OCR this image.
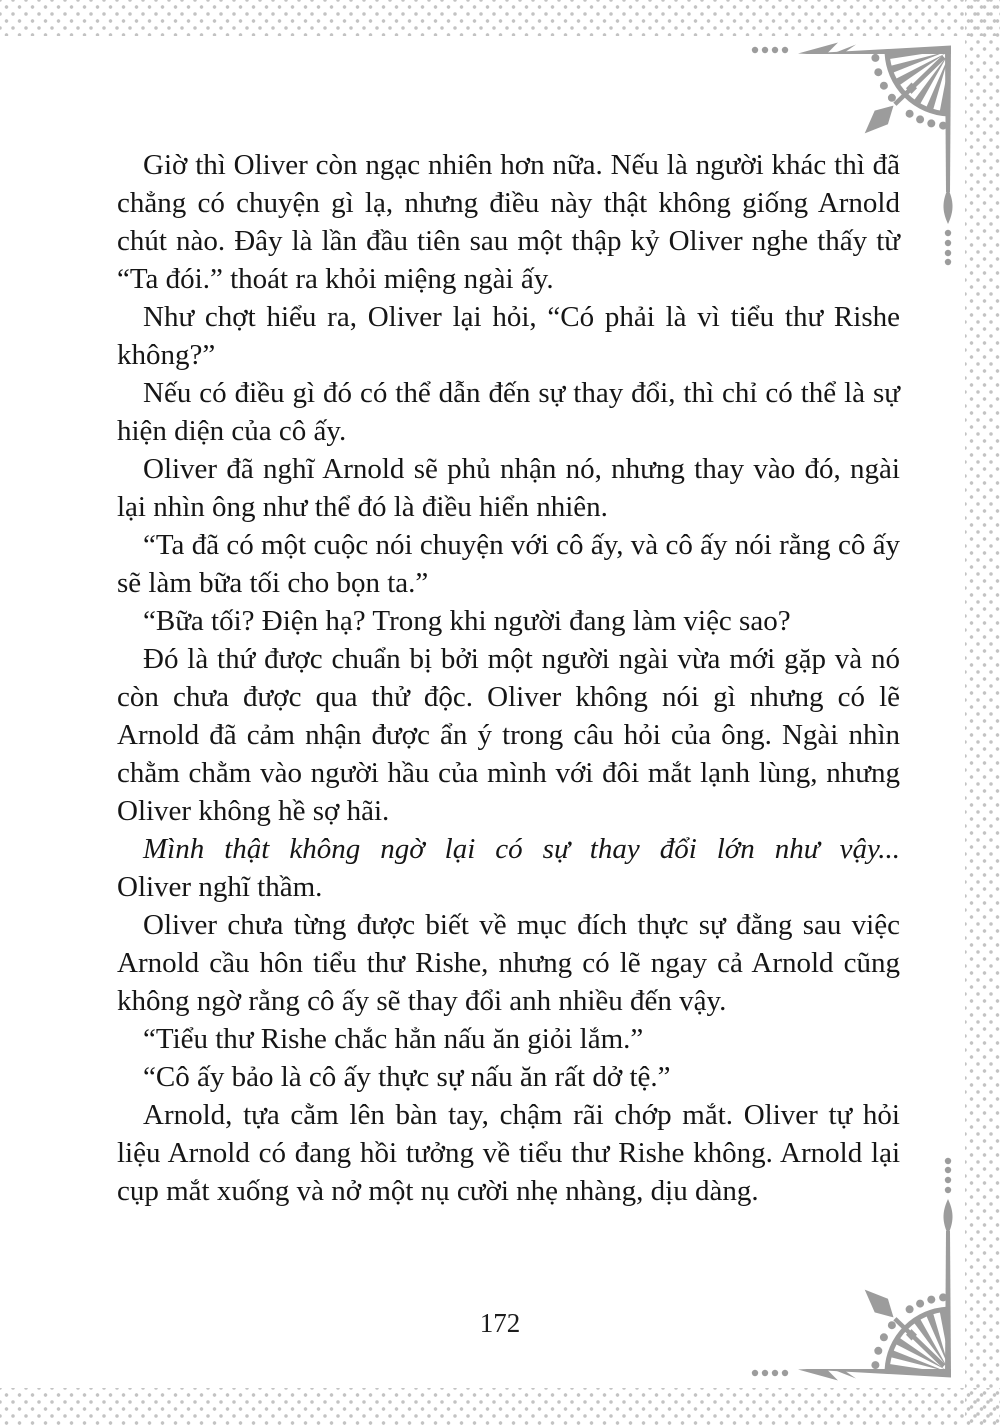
Giờ thì Oliver còn ngạc nhiên hơn nữa. Nếu là người khác thì đã chẳng có chuyện gì lạ, nhưng điều này thật không giống Arnold chút nào. Đây là lần đầu tiên sau một thập kỷ Oliver nghe thấy từ “Ta đói.” thoát ra khỏi miệng ngài ấy.

Như chợt hiểu ra, Oliver lại hỏi, “Có phải là vì tiểu thư Rishe không?”

Nếu có điều gì đó có thể dẫn đến sự thay đổi, thì chỉ có thể là sự hiện diện của cô ấy.

Oliver đã nghĩ Arnold sẽ phủ nhận nó, nhưng thay vào đó, ngài lại nhìn ông như thể đó là điều hiển nhiên.

“Ta đã có một cuộc nói chuyện với cô ấy, và cô ấy nói rằng cô ấy sẽ làm bữa tối cho bọn ta.”

“Bữa tối? Điện hạ? Trong khi người đang làm việc sao?

Đó là thứ được chuẩn bị bởi một người ngài vừa mới gặp và nó còn chưa được qua thử độc. Oliver không nói gì nhưng có lẽ Arnold đã cảm nhận được ẩn ý trong câu hỏi của ông. Ngài nhìn chằm chằm vào người hầu của mình với đôi mắt lạnh lùng, nhưng Oliver không hề sợ hãi.

Mình thật không ngờ lại có sự thay đổi lớn như vậy...
Oliver nghĩ thầm.

Oliver chưa từng được biết về mục đích thực sự đằng sau việc Arnold cầu hôn tiểu thư Rishe, nhưng có lẽ ngay cả Arnold cũng không ngờ rằng cô ấy sẽ thay đổi anh nhiều đến vậy.

“Tiểu thư Rishe chắc hẳn nấu ăn giỏi lắm.”

“Cô ấy bảo là cô ấy thực sự nấu ăn rất dở tệ.”

Arnold, tựa cằm lên bàn tay, chậm rãi chớp mắt. Oliver tự hỏi liệu Arnold có đang hồi tưởng về tiểu thư Rishe không. Arnold lại cụp mắt xuống và nở một nụ cười nhẹ nhàng, dịu dàng.

172
